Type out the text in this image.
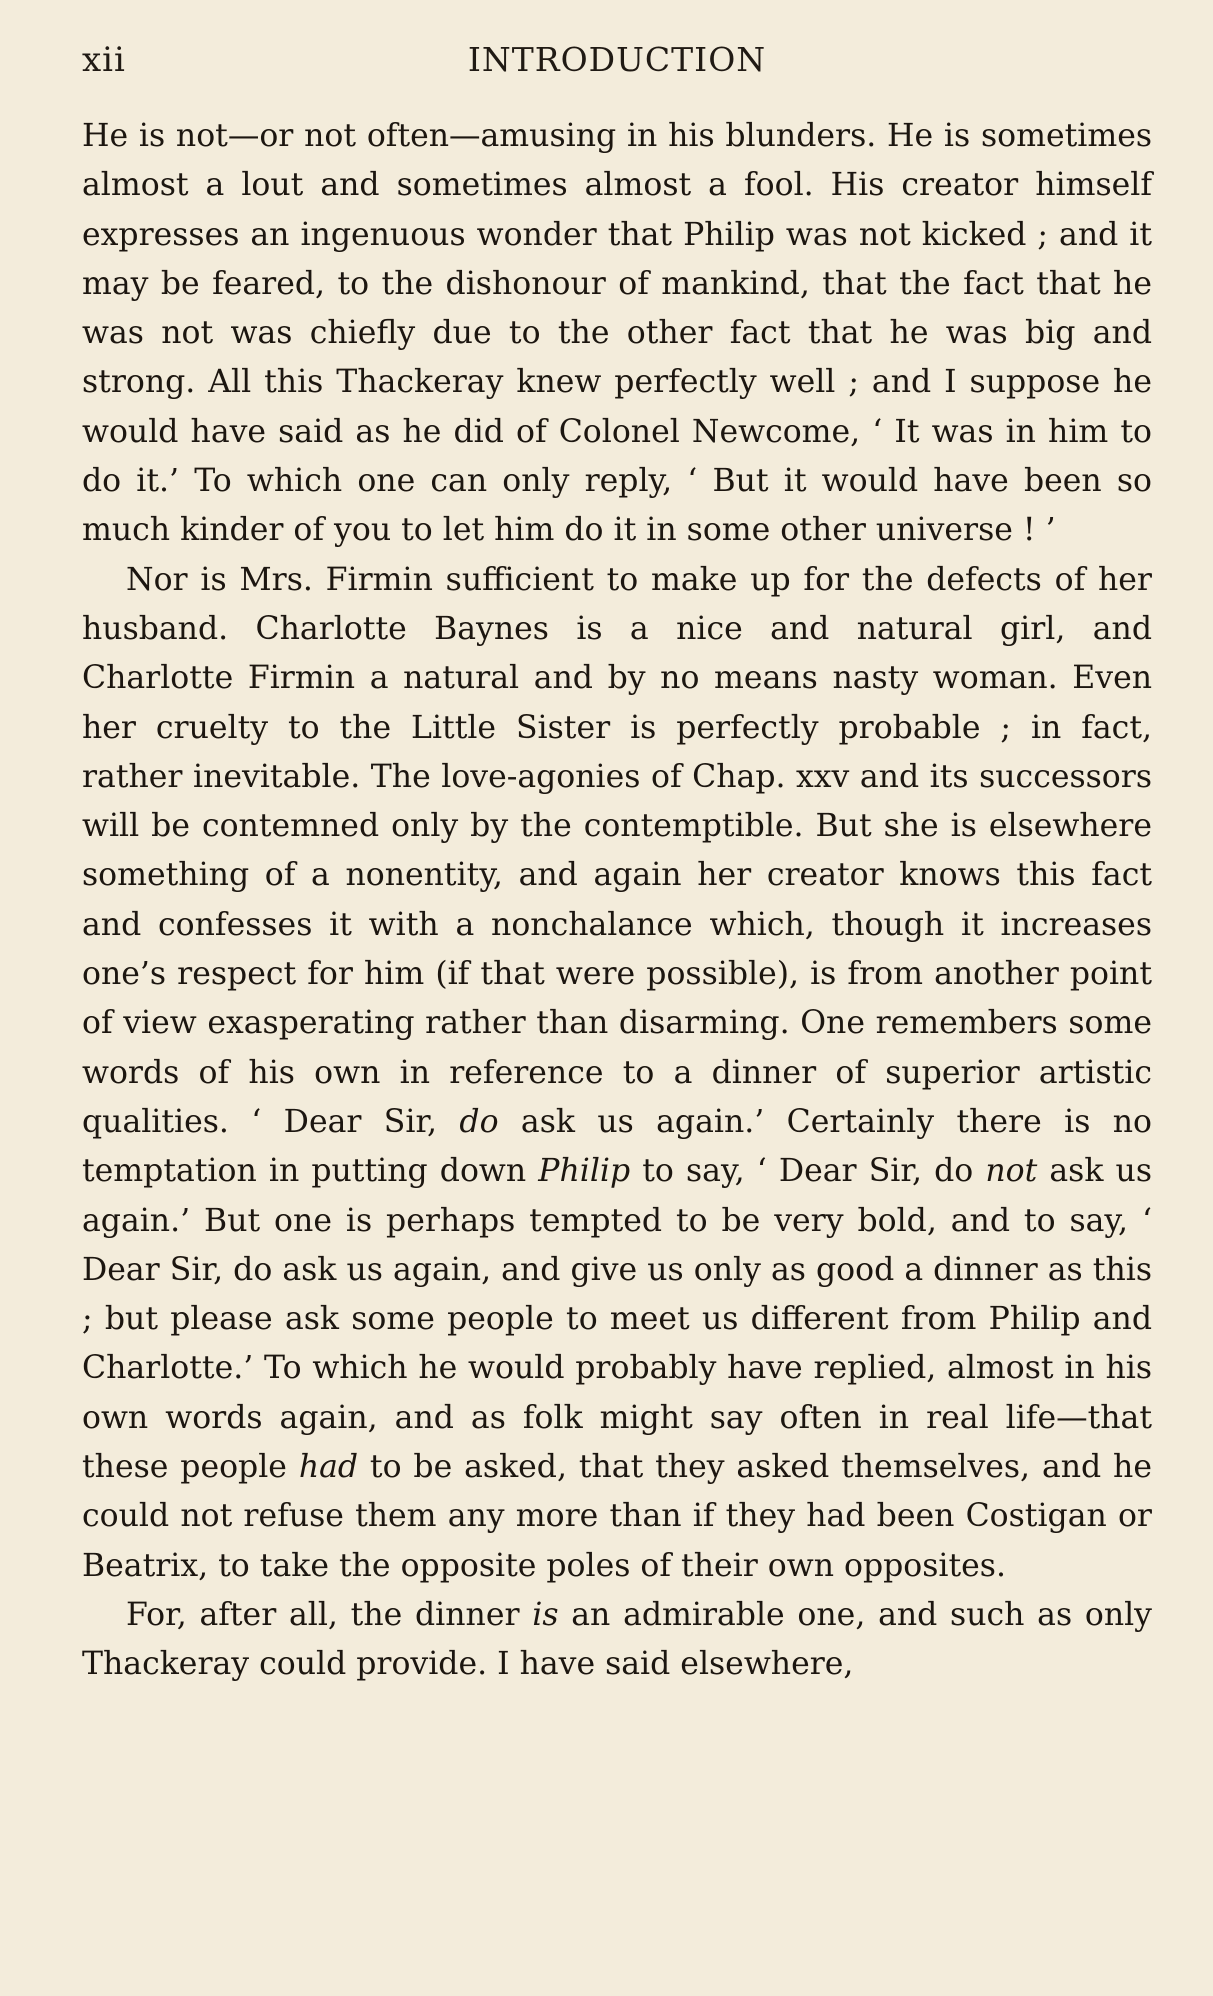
xii	INTRODUCTION

He is not—or not often—amusing in his blunders. He is sometimes almost a lout and sometimes almost a fool. His creator himself expresses an ingenuous wonder that Philip was not kicked ; and it may be feared, to the dishonour of mankind, that the fact that he was not was chiefly due to the other fact that he was big and strong. All this Thackeray knew perfectly well ; and I suppose he would have said as he did of Colonel Newcome, ‘ It was in him to do it.’ To which one can only reply, ‘ But it would have been so much kinder of you to let him do it in some other universe ! ’

Nor is Mrs. Firmin sufficient to make up for the defects of her husband. Charlotte Baynes is a nice and natural girl, and Charlotte Firmin a natural and by no means nasty woman. Even her cruelty to the Little Sister is perfectly probable ; in fact, rather inevitable. The love-agonies of Chap. xxv and its successors will be contemned only by the contemptible. But she is elsewhere something of a nonentity, and again her creator knows this fact and confesses it with a nonchalance which, though it increases one’s respect for him (if that were possible), is from another point of view exasperating rather than disarming. One remembers some words of his own in reference to a dinner of superior artistic qualities. ‘ Dear Sir, do ask us again.’ Certainly there is no temptation in putting down Philip to say, ‘ Dear Sir, do not ask us again.’ But one is perhaps tempted to be very bold, and to say, ‘ Dear Sir, do ask us again, and give us only as good a dinner as this ; but please ask some people to meet us different from Philip and Charlotte.’ To which he would probably have replied, almost in his own words again, and as folk might say often in real life—that these people had to be asked, that they asked themselves, and he could not refuse them any more than if they had been Costigan or Beatrix, to take the opposite poles of their own opposites.

For, after all, the dinner is an admirable one, and such as only Thackeray could provide. I have said elsewhere,
